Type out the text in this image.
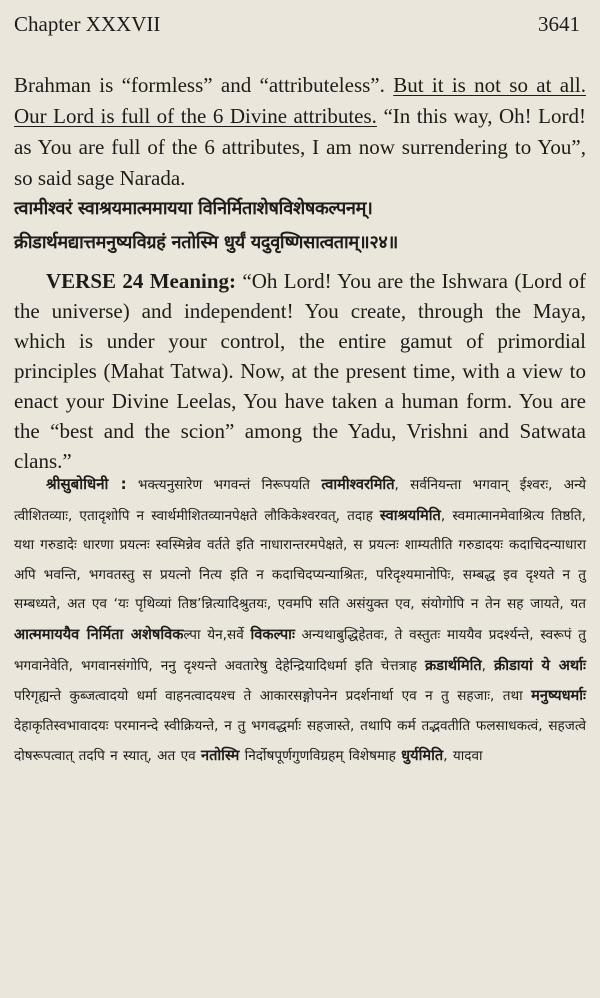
Chapter XXXVII	3641
Brahman is “formless” and “attributeless”. But it is not so at all. Our Lord is full of the 6 Divine attributes. “In this way, Oh! Lord! as You are full of the 6 attributes, I am now surrendering to You”, so said sage Narada.
त्वामीश्वरं स्वाश्रयमात्ममायया विनिर्मिताशेषविशेषकल्पनम्।
क्रीडार्थमद्यात्तमनुष्यविग्रहं नतोस्मि धुर्यं यदुवृष्णिसात्वताम्॥२४॥
VERSE 24 Meaning: “Oh Lord! You are the Ishwara (Lord of the universe) and independent! You create, through the Maya, which is under your control, the entire gamut of primordial principles (Mahat Tatwa). Now, at the present time, with a view to enact your Divine Leelas, You have taken a human form. You are the “best and the scion” among the Yadu, Vrishni and Satwata clans.”
श्रीसुबोधिनी : भक्त्यनुसारेण भगवन्तं निरूपयति त्वामीश्वरमिति, सर्वनियन्ता भगवान् ईश्वरः, अन्ये त्वीशितव्याः, एतादृशोपि न स्वार्थमीशितव्यानपेक्षते लौकिकेश्वरवत्, तदाह स्वाश्रयमिति, स्वमात्मानमेवाश्रित्य तिष्ठति, यथा गरुडादेः धारणा प्रयत्नः स्वस्मिन्नेव वर्तते इति नाधारान्तरमपेक्षते, स प्रयत्नः शाम्यतीति गरुडादयः कदाचिदन्याधारा अपि भवन्ति, भगवतस्तु स प्रयत्नो नित्य इति न कदाचिदप्यन्याश्रितः, परिदृश्यमानोपिः, सम्बद्ध इव दृश्यते न तु सम्बध्यते, अत एव ‘यः पृथिव्यां तिष्ठ’न्नित्यादिश्रुतयः, एवमपि सति असंयुक्त एव, संयोगोपि न तेन सह जायते, यत आत्ममाययैव निर्मिता अशेषविकल्पा येन,सर्वे विकल्पाः अन्यथाबुद्धिहेतवः, ते वस्तुतः माययैव प्रदर्श्यन्ते, स्वरूपं तु भगवानेवेति, भगवानसंगोपि, ननु दृश्यन्ते अवतारेषु देहेन्द्रियादिधर्मा इति चेत्तत्राह क्रडार्थमिति, क्रीडायां ये अर्थाः परिगृह्यन्ते कुब्जत्वादयो धर्मा वाहनत्वादयश्च ते आकारसङ्गोपनेन प्रदर्शनार्था एव न तु सहजाः, तथा मनुष्यधर्माः देहाकृतिस्वभावादयः परमानन्दे स्वीक्रियन्ते, न तु भगवद्धर्माः सहजास्ते, तथापि कर्म तद्भवतीति फलसाधकत्वं, सहजत्वे दोषरूपत्वात् तदपि न स्यात्, अत एव नतोस्मि निर्दोषपूर्णगुणविग्रहम् विशेषमाह धुर्यमिति, यादवा
